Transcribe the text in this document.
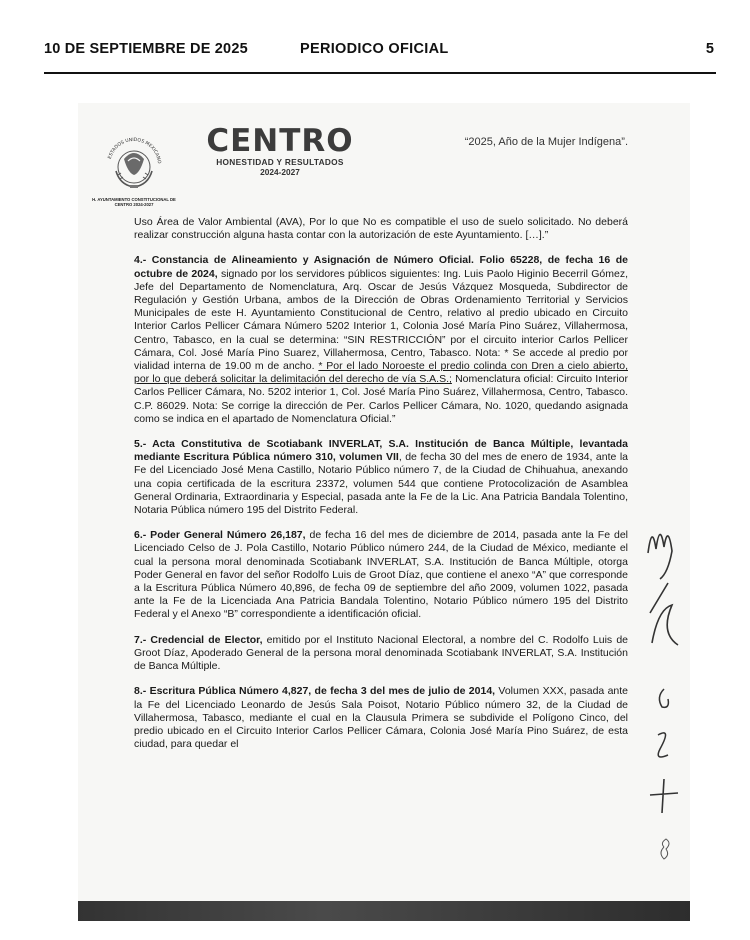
10 DE SEPTIEMBRE DE 2025	PERIODICO OFICIAL	5
ESTADOS UNIDOS MEXICANO
H. AYUNTAMIENTO CONSTITUCIONAL DE CENTRO 2024-2027
CENTRO
HONESTIDAD Y RESULTADOS
2024-2027
“2025, Año de la Mujer Indígena”.

Uso Área de Valor Ambiental (AVA), Por lo que No es compatible el uso de suelo solicitado. No deberá realizar construcción alguna hasta contar con la autorización de este Ayuntamiento. […].”

4.- Constancia de Alineamiento y Asignación de Número Oficial. Folio 65228, de fecha 16 de octubre de 2024, signado por los servidores públicos siguientes: Ing. Luis Paolo Higinio Becerril Gómez, Jefe del Departamento de Nomenclatura, Arq. Oscar de Jesús Vázquez Mosqueda, Subdirector de Regulación y Gestión Urbana, ambos de la Dirección de Obras Ordenamiento Territorial y Servicios Municipales de este H. Ayuntamiento Constitucional de Centro, relativo al predio ubicado en Circuito Interior Carlos Pellicer Cámara Número 5202 Interior 1, Colonia José María Pino Suárez, Villahermosa, Centro, Tabasco, en la cual se determina: “SIN RESTRICCIÓN” por el circuito interior Carlos Pellicer Cámara, Col. José María Pino Suarez, Villahermosa, Centro, Tabasco. Nota: * Se accede al predio por vialidad interna de 19.00 m de ancho. * Por el lado Noroeste el predio colinda con Dren a cielo abierto, por lo que deberá solicitar la delimitación del derecho de vía S.A.S.; Nomenclatura oficial: Circuito Interior Carlos Pellicer Cámara, No. 5202 interior 1, Col. José María Pino Suárez, Villahermosa, Centro, Tabasco. C.P. 86029. Nota: Se corrige la dirección de Per. Carlos Pellicer Cámara, No. 1020, quedando asignada como se indica en el apartado de Nomenclatura Oficial.”

5.- Acta Constitutiva de Scotiabank INVERLAT, S.A. Institución de Banca Múltiple, levantada mediante Escritura Pública número 310, volumen VII, de fecha 30 del mes de enero de 1934, ante la Fe del Licenciado José Mena Castillo, Notario Público número 7, de la Ciudad de Chihuahua, anexando una copia certificada de la escritura 23372, volumen 544 que contiene Protocolización de Asamblea General Ordinaria, Extraordinaria y Especial, pasada ante la Fe de la Lic. Ana Patricia Bandala Tolentino, Notaria Pública número 195 del Distrito Federal.

6.- Poder General Número 26,187, de fecha 16 del mes de diciembre de 2014, pasada ante la Fe del Licenciado Celso de J. Pola Castillo, Notario Público número 244, de la Ciudad de México, mediante el cual la persona moral denominada Scotiabank INVERLAT, S.A. Institución de Banca Múltiple, otorga Poder General en favor del señor Rodolfo Luis de Groot Díaz, que contiene el anexo “A” que corresponde a la Escritura Pública Número 40,896, de fecha 09 de septiembre del año 2009, volumen 1022, pasada ante la Fe de la Licenciada Ana Patricia Bandala Tolentino, Notario Público número 195 del Distrito Federal y el Anexo “B” correspondiente a identificación oficial.

7.- Credencial de Elector, emitido por el Instituto Nacional Electoral, a nombre del C. Rodolfo Luis de Groot Díaz, Apoderado General de la persona moral denominada Scotiabank INVERLAT, S.A. Institución de Banca Múltiple.

8.- Escritura Pública Número 4,827, de fecha 3 del mes de julio de 2014, Volumen XXX, pasada ante la Fe del Licenciado Leonardo de Jesús Sala Poisot, Notario Público número 32, de la Ciudad de Villahermosa, Tabasco, mediante el cual en la Clausula Primera se subdivide el Polígono Cinco, del predio ubicado en el Circuito Interior Carlos Pellicer Cámara, Colonia José María Pino Suárez, de esta ciudad, para quedar el
